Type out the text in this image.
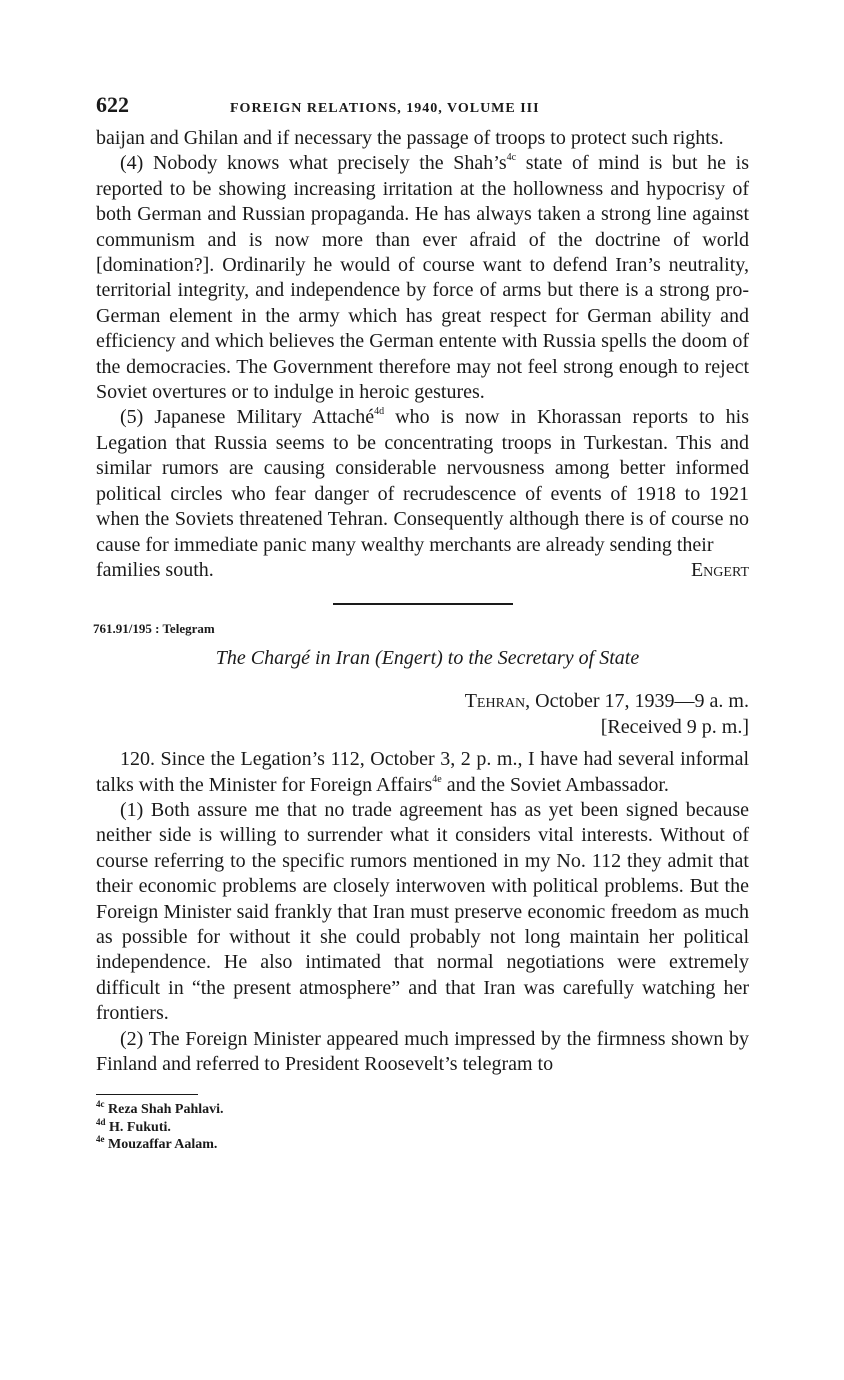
622	FOREIGN RELATIONS, 1940, VOLUME III

baijan and Ghilan and if necessary the passage of troops to protect such rights.

(4) Nobody knows what precisely the $Shah’s^{4c}$ state of mind is but he is reported to be showing increasing irritation at the hollowness and hypocrisy of both German and Russian propaganda. He has always taken a strong line against communism and is now more than ever afraid of the doctrine of world [domination?]. Ordinarily he would of course want to defend Iran’s neutrality, territorial integrity, and independence by force of arms but there is a strong pro-German element in the army which has great respect for German ability and efficiency and which believes the German entente with Russia spells the doom of the democracies. The Government therefore may not feel strong enough to reject Soviet overtures or to indulge in heroic gestures.

(5) Japanese Military Attaché$^{4d}$ who is now in Khorassan reports to his Legation that Russia seems to be concentrating troops in Turkestan. This and similar rumors are causing considerable nervousness among better informed political circles who fear danger of recrudescence of events of 1918 to 1921 when the Soviets threatened Tehran. Consequently although there is of course no cause for immediate panic many wealthy merchants are already sending their

families south.	Engert
761.91/195 : Telegram
The Chargé in Iran (Engert) to the Secretary of State
Tehran, October 17, 1939—9 a. m.
[Received 9 p. m.]

120. Since the Legation’s 112, October 3, 2 p. m., I have had several informal talks with the Minister for Foreign Affairs$^{4e}$ and the Soviet Ambassador.

(1) Both assure me that no trade agreement has as yet been signed because neither side is willing to surrender what it considers vital interests. Without of course referring to the specific rumors mentioned in my No. 112 they admit that their economic problems are closely interwoven with political problems. But the Foreign Minister said frankly that Iran must preserve economic freedom as much as possible for without it she could probably not long maintain her political independence. He also intimated that normal negotiations were extremely difficult in “the present atmosphere” and that Iran was carefully watching her frontiers.

(2) The Foreign Minister appeared much impressed by the firmness shown by Finland and referred to President Roosevelt’s telegram to

$^{4c}$ Reza Shah Pahlavi.
$^{4d}$ H. Fukuti.
$^{4e}$ Mouzaffar Aalam.
